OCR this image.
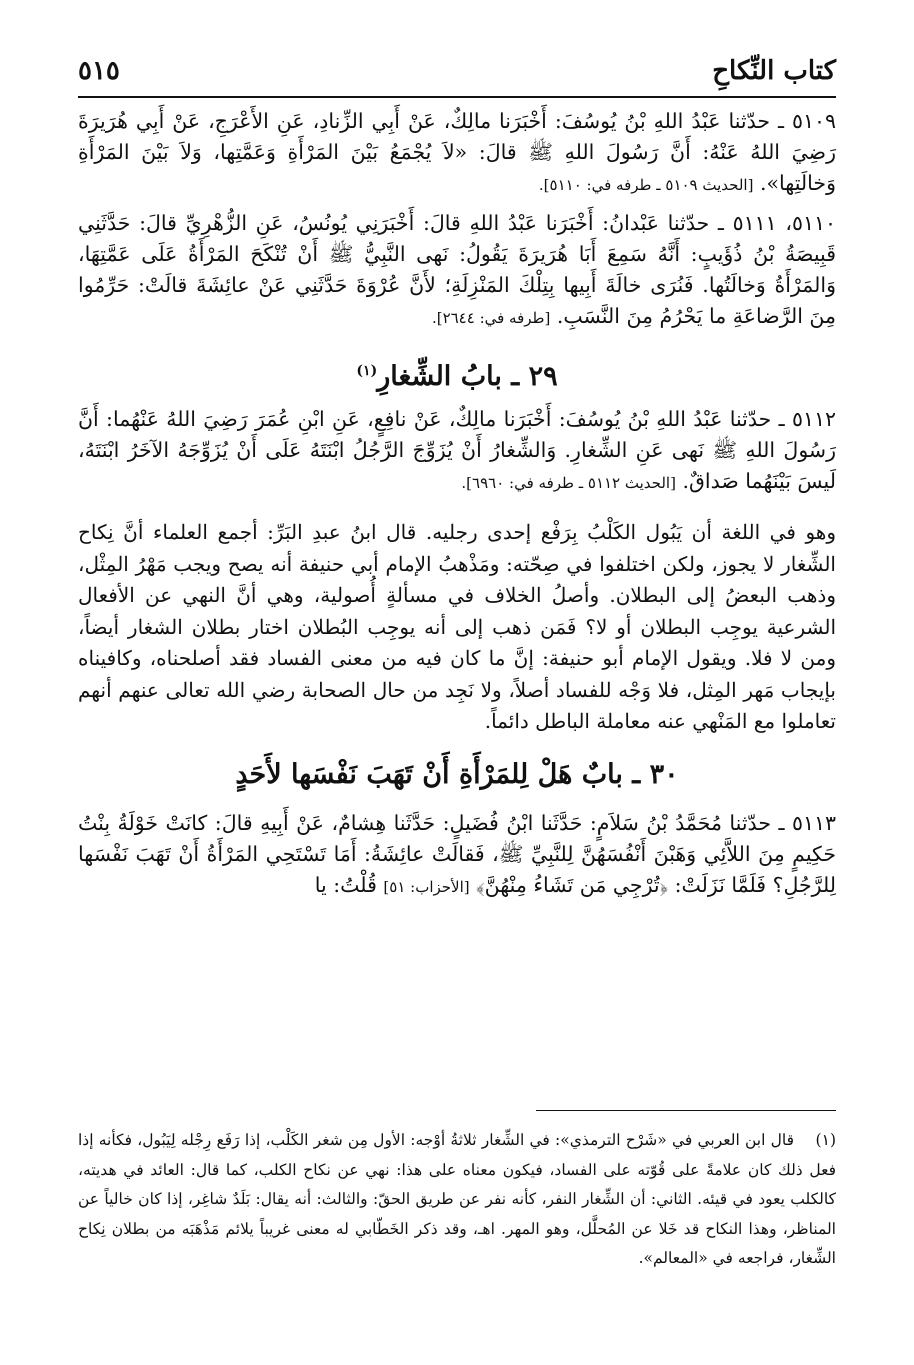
كتاب النِّكاحِ
٥١٥

٥١٠٩ ـ حدّثنا عَبْدُ اللهِ بْنُ يُوسُفَ: أَخْبَرَنا مالِكٌ، عَنْ أَبِي الزِّنادِ، عَنِ الأَعْرَجِ، عَنْ أَبِي هُرَيرَةَ رَضِيَ اللهُ عَنْهُ: أَنَّ رَسُولَ اللهِ ﷺ قالَ: «لاَ يُجْمَعُ بَيْنَ المَرْأَةِ وَعَمَّتِها، وَلاَ بَيْنَ المَرْأَةِ وَخالَتِها». [الحديث ٥١٠٩ ـ طرفه في: ٥١١٠].

٥١١٠، ٥١١١ ـ حدّثنا عَبْدانُ: أَخْبَرَنا عَبْدُ اللهِ قالَ: أَخْبَرَنِي يُونُسُ، عَنِ الزُّهْرِيِّ قالَ: حَدَّثَنِي قَبِيصَةُ بْنُ ذُؤَيبٍ: أَنَّهُ سَمِعَ أَبَا هُرَيرَةَ يَقُولُ: نَهى النَّبِيُّ ﷺ أَنْ تُنْكَحَ المَرْأَةُ عَلَى عَمَّتِهَا، وَالمَرْأَةُ وَخالَتُها. فَنُرَى خالَةَ أَبِيها بِتِلْكَ المَنْزِلَةِ؛ لأَنَّ عُرْوَةَ حَدَّثَنِي عَنْ عائِشَةَ قالَتْ: حَرِّمُوا مِنَ الرَّضاعَةِ ما يَحْرُمُ مِنَ النَّسَبِ. [طرفه في: ٢٦٤٤].

٢٩ ـ بابُ الشِّغارِ$^{(١)}$

٥١١٢ ـ حدّثنا عَبْدُ اللهِ بْنُ يُوسُفَ: أَخْبَرَنا مالِكٌ، عَنْ نافِعٍ، عَنِ ابْنِ عُمَرَ رَضِيَ اللهُ عَنْهُما: أَنَّ رَسُولَ اللهِ ﷺ نَهى عَنِ الشِّغارِ. وَالشِّغارُ أَنْ يُزَوِّجَ الرَّجُلُ ابْنَتَهُ عَلَى أَنْ يُزَوِّجَهُ الآخَرُ ابْنَتَهُ، لَيسَ بَيْنَهُما صَداقٌ. [الحديث ٥١١٢ ـ طرفه في: ٦٩٦٠].

وهو في اللغة أن يَبُول الكَلْبُ بِرَفْع إحدى رجليه. قال ابنُ عبدِ البَرِّ: أجمع العلماء أنَّ نِكاح الشِّغار لا يجوز، ولكن اختلفوا في صِحّته: ومَذْهبُ الإمام أبي حنيفة أنه يصح ويجب مَهْرُ المِثْل، وذهب البعضُ إلى البطلان. وأصلُ الخلاف في مسألةٍ أُصولية، وهي أنَّ النهي عن الأفعال الشرعية يوجِب البطلان أو لا؟ فَمَن ذهب إلى أنه يوجِب البُطلان اختار بطلان الشغار أيضاً، ومن لا فلا. ويقول الإمام أبو حنيفة: إنَّ ما كان فيه من معنى الفساد فقد أصلحناه، وكافيناه بإيجاب مَهر المِثل، فلا وَجْه للفساد أصلاً، ولا نَجِد من حال الصحابة رضي الله تعالى عنهم أنهم تعاملوا مع المَنْهي عنه معاملة الباطل دائماً.

٣٠ ـ بابٌ هَلْ لِلمَرْأَةِ أَنْ تَهَبَ نَفْسَها لأَحَدٍ

٥١١٣ ـ حدّثنا مُحَمَّدُ بْنُ سَلاَمٍ: حَدَّثَنا ابْنُ فُضَيلٍ: حَدَّثَنا هِشامٌ، عَنْ أَبِيهِ قالَ: كانَتْ خَوْلَةُ بِنْتُ حَكِيمٍ مِنَ اللاَّئِي وَهَبْنَ أَنْفُسَهُنَّ لِلنَّبِيِّ ﷺ، فَقالَتْ عائِشَةُ: أَمَا تَسْتَحِي المَرْأَةُ أَنْ تَهَبَ نَفْسَها لِلرَّجُلِ؟ فَلَمَّا نَزَلَتْ: ﴿تُرْجِي مَن تَشَاءُ مِنْهُنَّ﴾ [الأحزاب: ٥١] قُلْتُ: يا

(١)قال ابن العربي في «شَرْح الترمذي»: في الشِّغار ثلاثةُ أوْجه: الأول مِن شغر الكَلْب، إذا رَفَع رِجْله لِيَبُول، فكأنه إذا فعل ذلك كان علامةً على قُوّته على الفساد، فيكون معناه على هذا: نهي عن نكاح الكلب، كما قال: العائد في هديته، كالكلب يعود في قيئه. الثاني: أن الشِّغار النفر، كأنه نفر عن طريق الحقّ: والثالث: أنه يقال: بَلَدٌ شاغِر، إذا كان خالياً عن المناظر، وهذا النكاح قد خَلا عن المُحلَّل، وهو المهر. اهـ، وقد ذكر الخَطّابي له معنى غريباً يلائم مَذْهَبَه من بطلان نِكاح الشِّغار، فراجعه في «المعالم».
